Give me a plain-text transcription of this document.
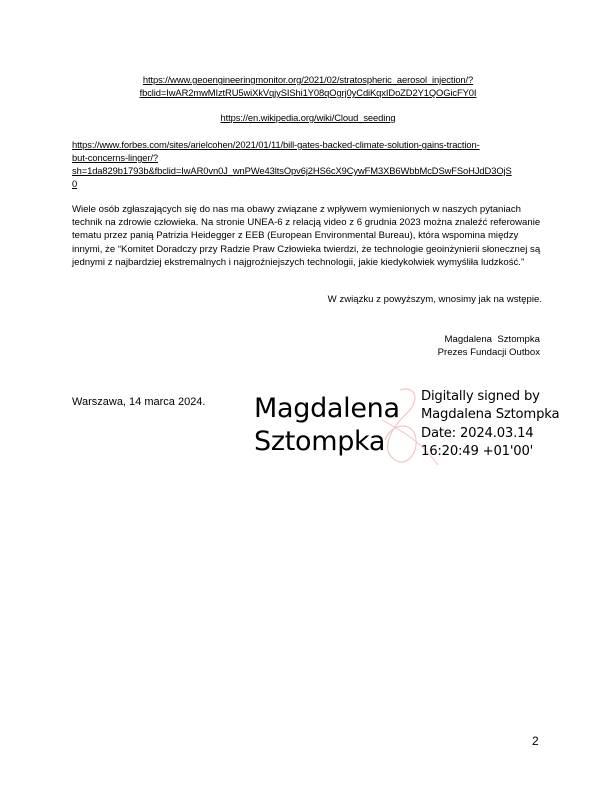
https://www.geoengineeringmonitor.org/2021/02/stratospheric_aerosol_injection/?
fbclid=IwAR2mwMIztRU5wiXkVqjySIShi1Y08qOgrj0yCdiKqxIDoZD2Y1QOGicFY0I
https://en.wikipedia.org/wiki/Cloud_seeding
https://www.forbes.com/sites/arielcohen/2021/01/11/bill-gates-backed-climate-solution-gains-traction-
but-concerns-linger/?
sh=1da829b1793b&fbclid=IwAR0vn0J_wnPWe43ltsOpv6j2HS6cX9CywFM3XB6WbbMcDSwFSoHJdD3OjS
0
Wiele osób zgłaszających się do nas ma obawy związane z wpływem wymienionych w naszych pytaniach technik na zdrowie człowieka. Na stronie UNEA-6 z relacją video z 6 grudnia 2023 można znaleźć referowanie tematu przez panią Patrizia Heidegger z EEB (European Environmental Bureau), która wspomina między innymi, że “Komitet Doradczy przy Radzie Praw Człowieka twierdzi, że technologie geoinżynierii słonecznej są jednymi z najbardziej ekstremalnych i najgroźniejszych technologii, jakie kiedykolwiek wymyśliła ludzkość.”
W związku z powyższym, wnosimy jak na wstępie.
Magdalena  Sztompka
Prezes Fundacji Outbox
Warszawa, 14 marca 2024. Magdalena
Sztompka
Digitally signed by
Magdalena Sztompka
Date: 2024.03.14
16:20:49 +01'00'
2
